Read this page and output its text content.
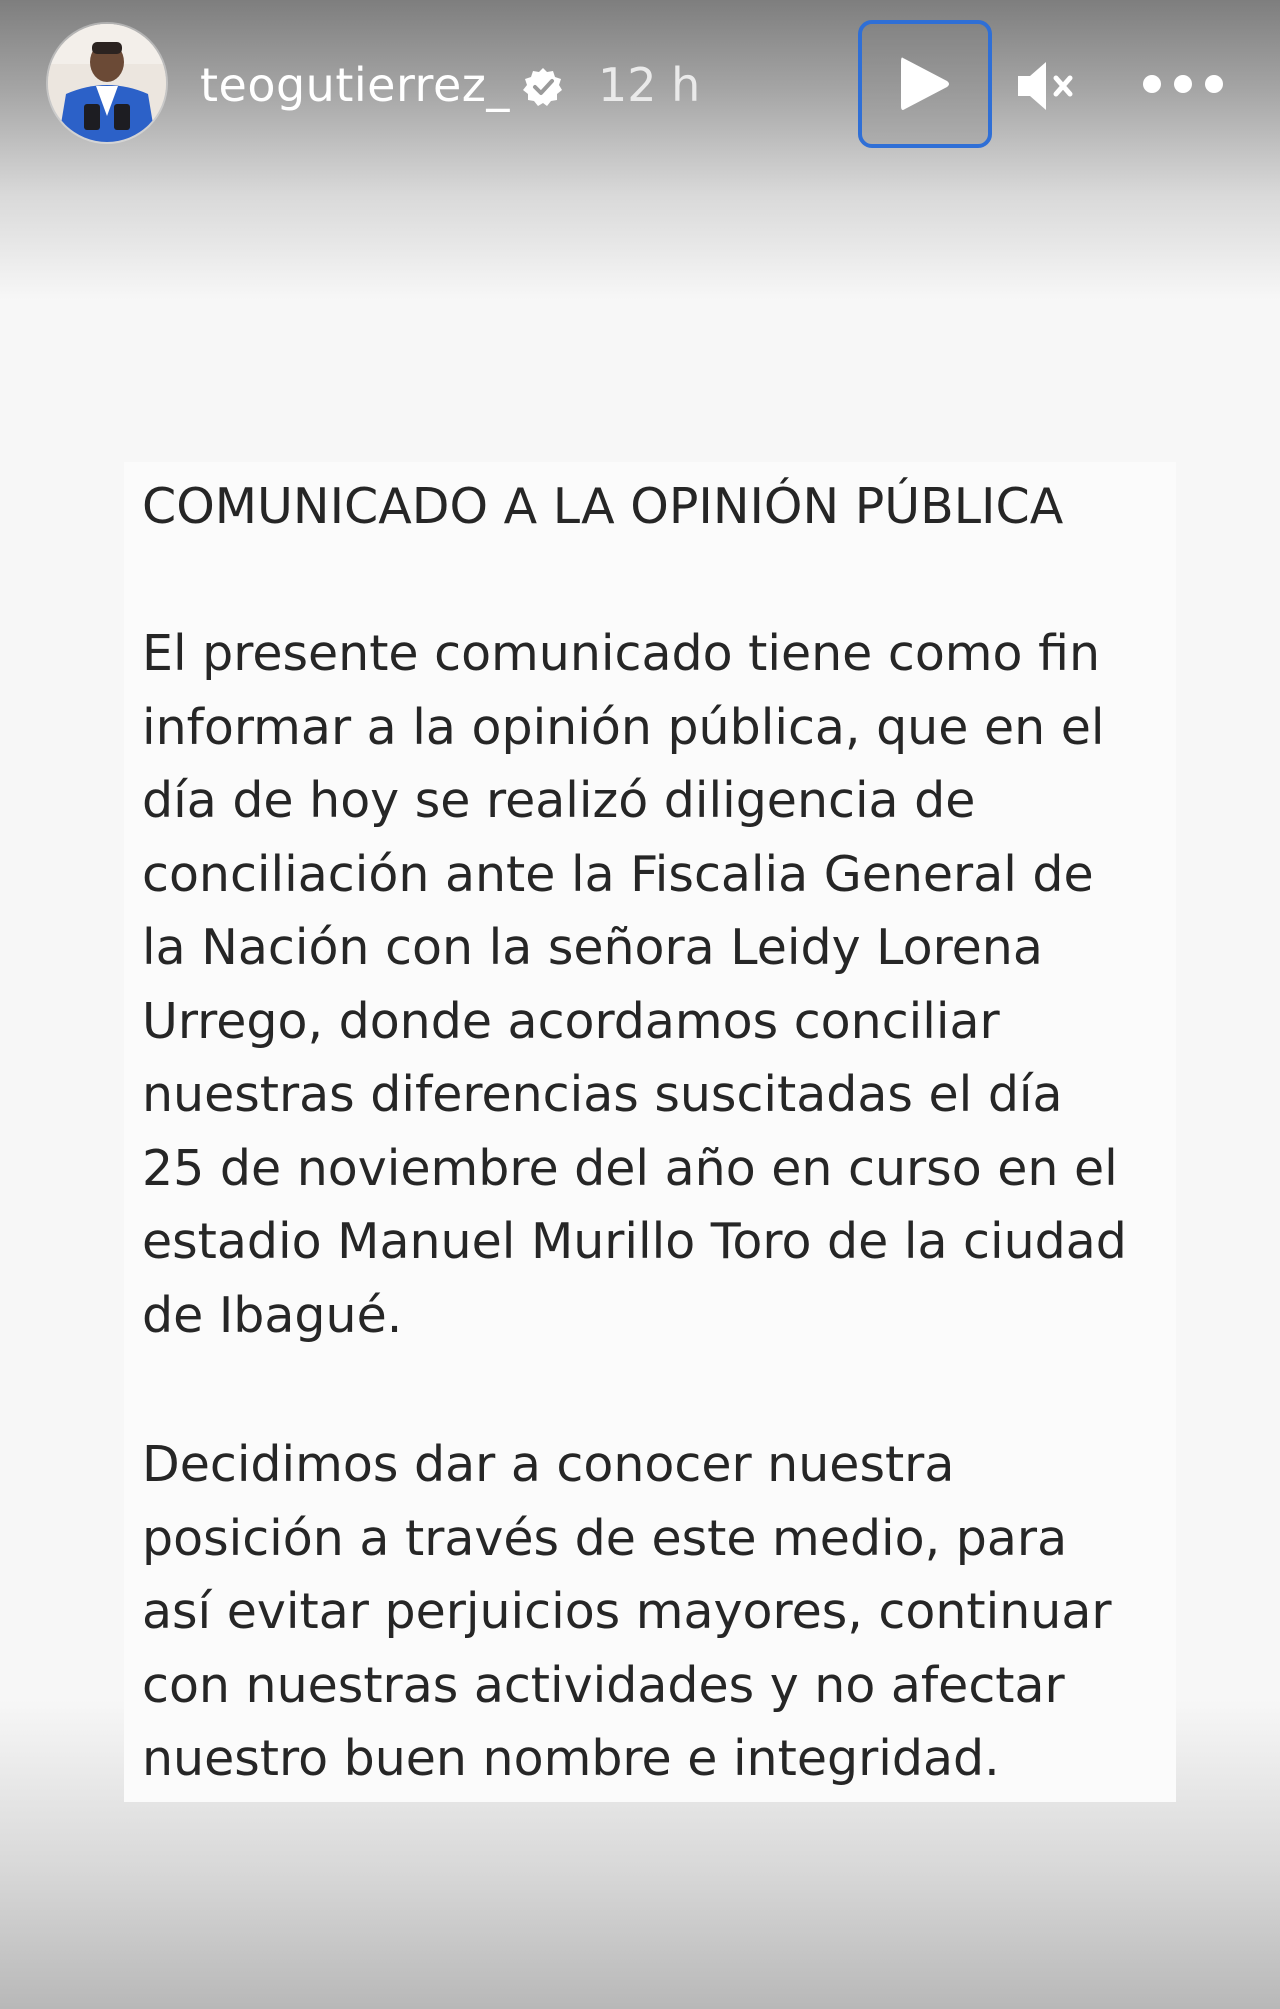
teogutierrez_ 12 h

COMUNICADO A LA OPINIÓN PÚBLICA

El presente comunicado tiene como fin
informar a la opinión pública, que en el
día de hoy se realizó diligencia de
conciliación ante la Fiscalia General de
la Nación con la señora Leidy Lorena
Urrego, donde acordamos conciliar
nuestras diferencias suscitadas el día
25 de noviembre del año en curso en el
estadio Manuel Murillo Toro de la ciudad
de Ibagué.

Decidimos dar a conocer nuestra
posición a través de este medio, para
así evitar perjuicios mayores, continuar
con nuestras actividades y no afectar
nuestro buen nombre e integridad.
